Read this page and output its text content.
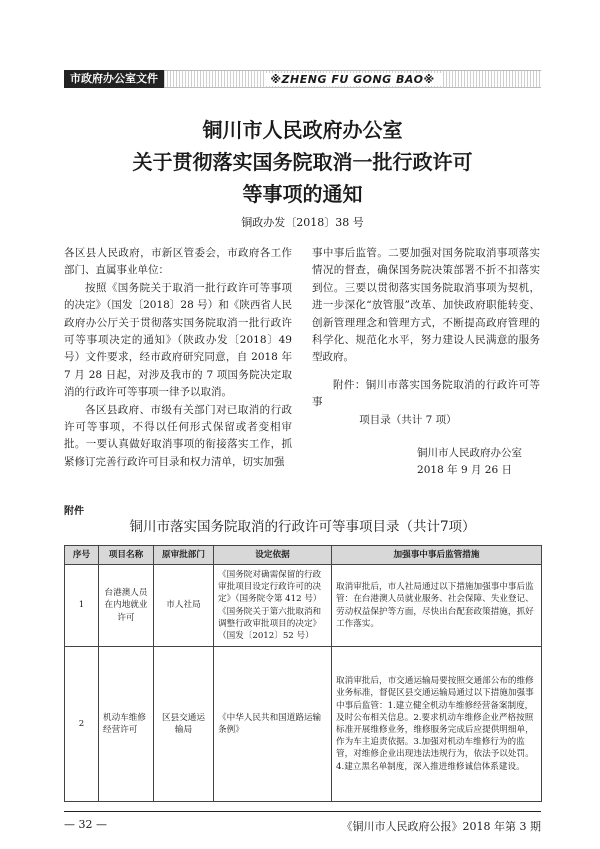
市政府办公室文件	※ZHENG FU GONG BAO※
铜川市人民政府办公室
关于贯彻落实国务院取消一批行政许可
等事项的通知
铜政办发〔2018〕38 号

各区县人民政府，市新区管委会，市政府各工作部门、直属事业单位：

按照《国务院关于取消一批行政许可等事项的决定》（国发〔2018〕28 号）和《陕西省人民政府办公厅关于贯彻落实国务院取消一批行政许可等事项决定的通知》（陕政办发〔2018〕49 号）文件要求，经市政府研究同意，自 2018 年 7 月 28 日起，对涉及我市的 7 项国务院决定取消的行政许可等事项一律予以取消。

各区县政府、市级有关部门对已取消的行政许可等事项，不得以任何形式保留或者变相审批。一要认真做好取消事项的衔接落实工作，抓紧修订完善行政许可目录和权力清单，切实加强

事中事后监管。二要加强对国务院取消事项落实情况的督查，确保国务院决策部署不折不扣落实到位。三要以贯彻落实国务院取消事项为契机，进一步深化“放管服”改革、加快政府职能转变、创新管理理念和管理方式，不断提高政府管理的科学化、规范化水平，努力建设人民满意的服务型政府。

附件：铜川市落实国务院取消的行政许可等事

项目录（共计 7 项）

铜川市人民政府办公室

2018 年 9 月 26 日

附件
铜川市落实国务院取消的行政许可等事项目录（共计7项）
序号	项目名称	原审批部门	设定依据	加强事中事后监管措施
1	台港澳人员在内地就业许可	市人社局	《国务院对确需保留的行政审批项目设定行政许可的决定》（国务院令第 412 号）《国务院关于第六批取消和调整行政审批项目的决定》（国发〔2012〕52 号）	取消审批后，市人社局通过以下措施加强事中事后监管：在台港澳人员就业服务、社会保障、失业登记、劳动权益保护等方面，尽快出台配套政策措施，抓好工作落实。
2	机动车维修经营许可	区县交通运输局	《中华人民共和国道路运输条例》	取消审批后，市交通运输局要按照交通部公布的维修业务标准，督促区县交通运输局通过以下措施加强事中事后监管：1.建立健全机动车维修经营备案制度，及时公布相关信息。2.要求机动车维修企业严格按照标准开展维修业务，维修服务完成后应提供明细单，作为车主追责依据。3.加强对机动车维修行为的监管，对维修企业出现违法违规行为，依法予以处罚。4.建立黑名单制度，深入推进维修诚信体系建设。
— 32 —	《铜川市人民政府公报》2018 年第 3 期
